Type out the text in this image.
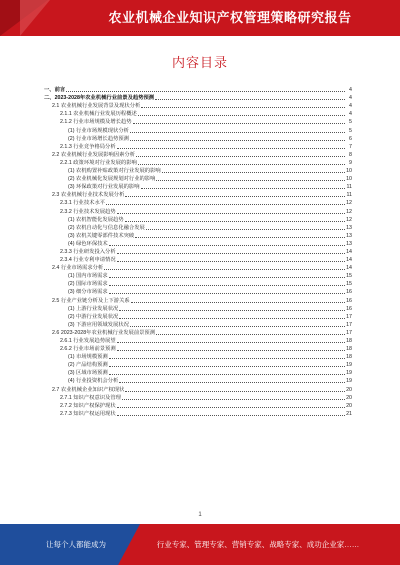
农业机械企业知识产权管理策略研究报告
内容目录
一、前言	4
二、2023-2028年农业机械行业前景及趋势预测	4
2.1 农业机械行业发展背景及现状分析	4
2.1.1 农业机械行业发展历程概述	4
2.1.2 行业市场规模及增长趋势	5
(1) 行业市场规模现状分析	5
(2) 行业市场增长趋势预测	6
2.1.3 行业竞争格局分析	7
2.2 农业机械行业发展影响因素分析	8
2.2.1 政策环境对行业发展的影响	9
(1) 农机购置补贴政策对行业发展的影响	10
(2) 农业机械化发展规划对行业的影响	10
(3) 环保政策对行业发展的影响	11
2.3 农业机械行业技术发展分析	11
2.3.1 行业技术水平	12
2.3.2 行业技术发展趋势	12
(1) 农机智能化发展趋势	12
(2) 农机自动化与信息化融合发展	13
(3) 农机关键零部件技术突破	13
(4) 绿色环保技术	13
2.3.3 行业研发投入分析	14
2.3.4 行业专利申请情况	14
2.4 行业市场需求分析	14
(1) 国内市场需求	15
(2) 国际市场需求	15
(3) 细分市场需求	16
2.5 行业产业链分析及上下游关系	16
(1) 上游行业发展状况	16
(2) 中游行业发展状况	17
(3) 下游应用领域发展状况	17
2.6 2023-2028年农业机械行业发展前景预测	17
2.6.1 行业发展趋势展望	18
2.6.2 行业市场前景预测	18
(1) 市场规模预测	18
(2) 产品结构预测	19
(3) 区域市场预测	19
(4) 行业投资机会分析	19
2.7 农业机械企业知识产权现状	20
2.7.1 知识产权意识及管理	20
2.7.2 知识产权保护现状	20
2.7.3 知识产权运用现状	21
1
让每个人都能成为	行业专家、管理专家、营销专家、战略专家、成功企业家……
